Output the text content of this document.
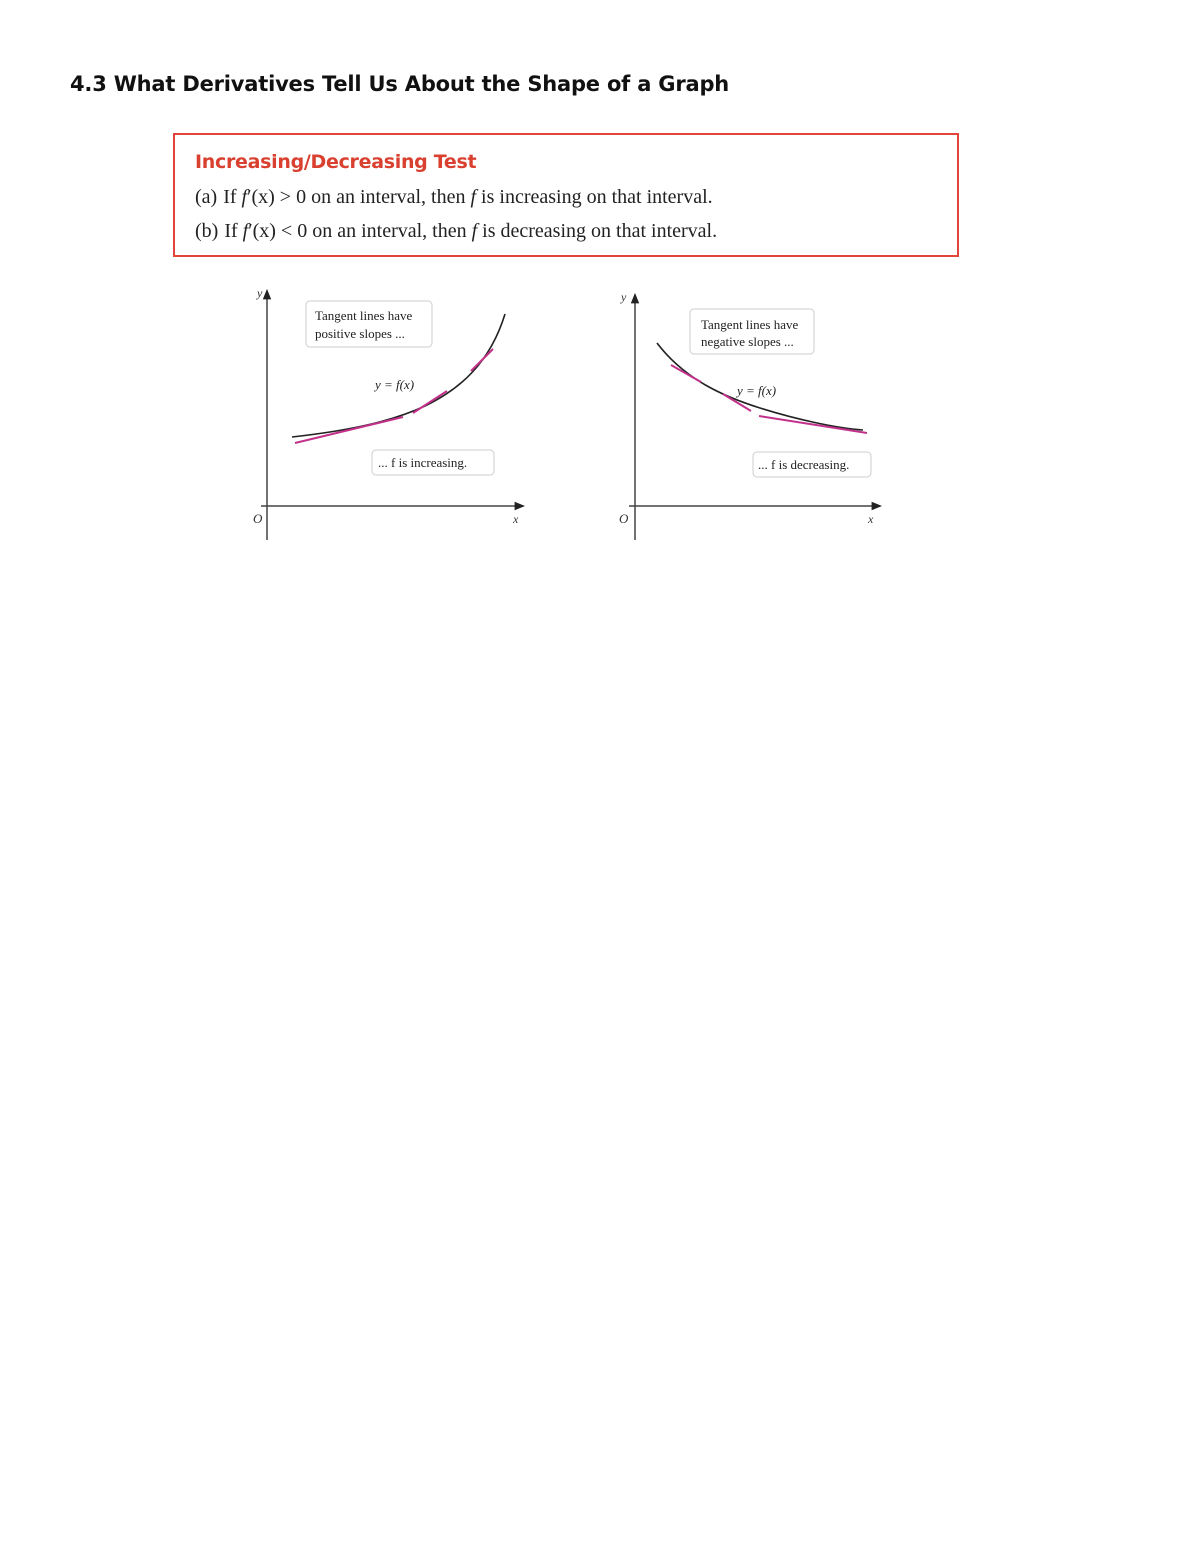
4.3 What Derivatives Tell Us About the Shape of a Graph
Increasing/Decreasing Test
(a) If f′(x) > 0 on an interval, then f is increasing on that interval.
(b) If f′(x) < 0 on an interval, then f is decreasing on that interval.
y
x
O
Tangent lines have
positive slopes ...
y = f(x)
... f is increasing.
y
x
O
Tangent lines have
negative slopes ...
y = f(x)
... f is decreasing.
